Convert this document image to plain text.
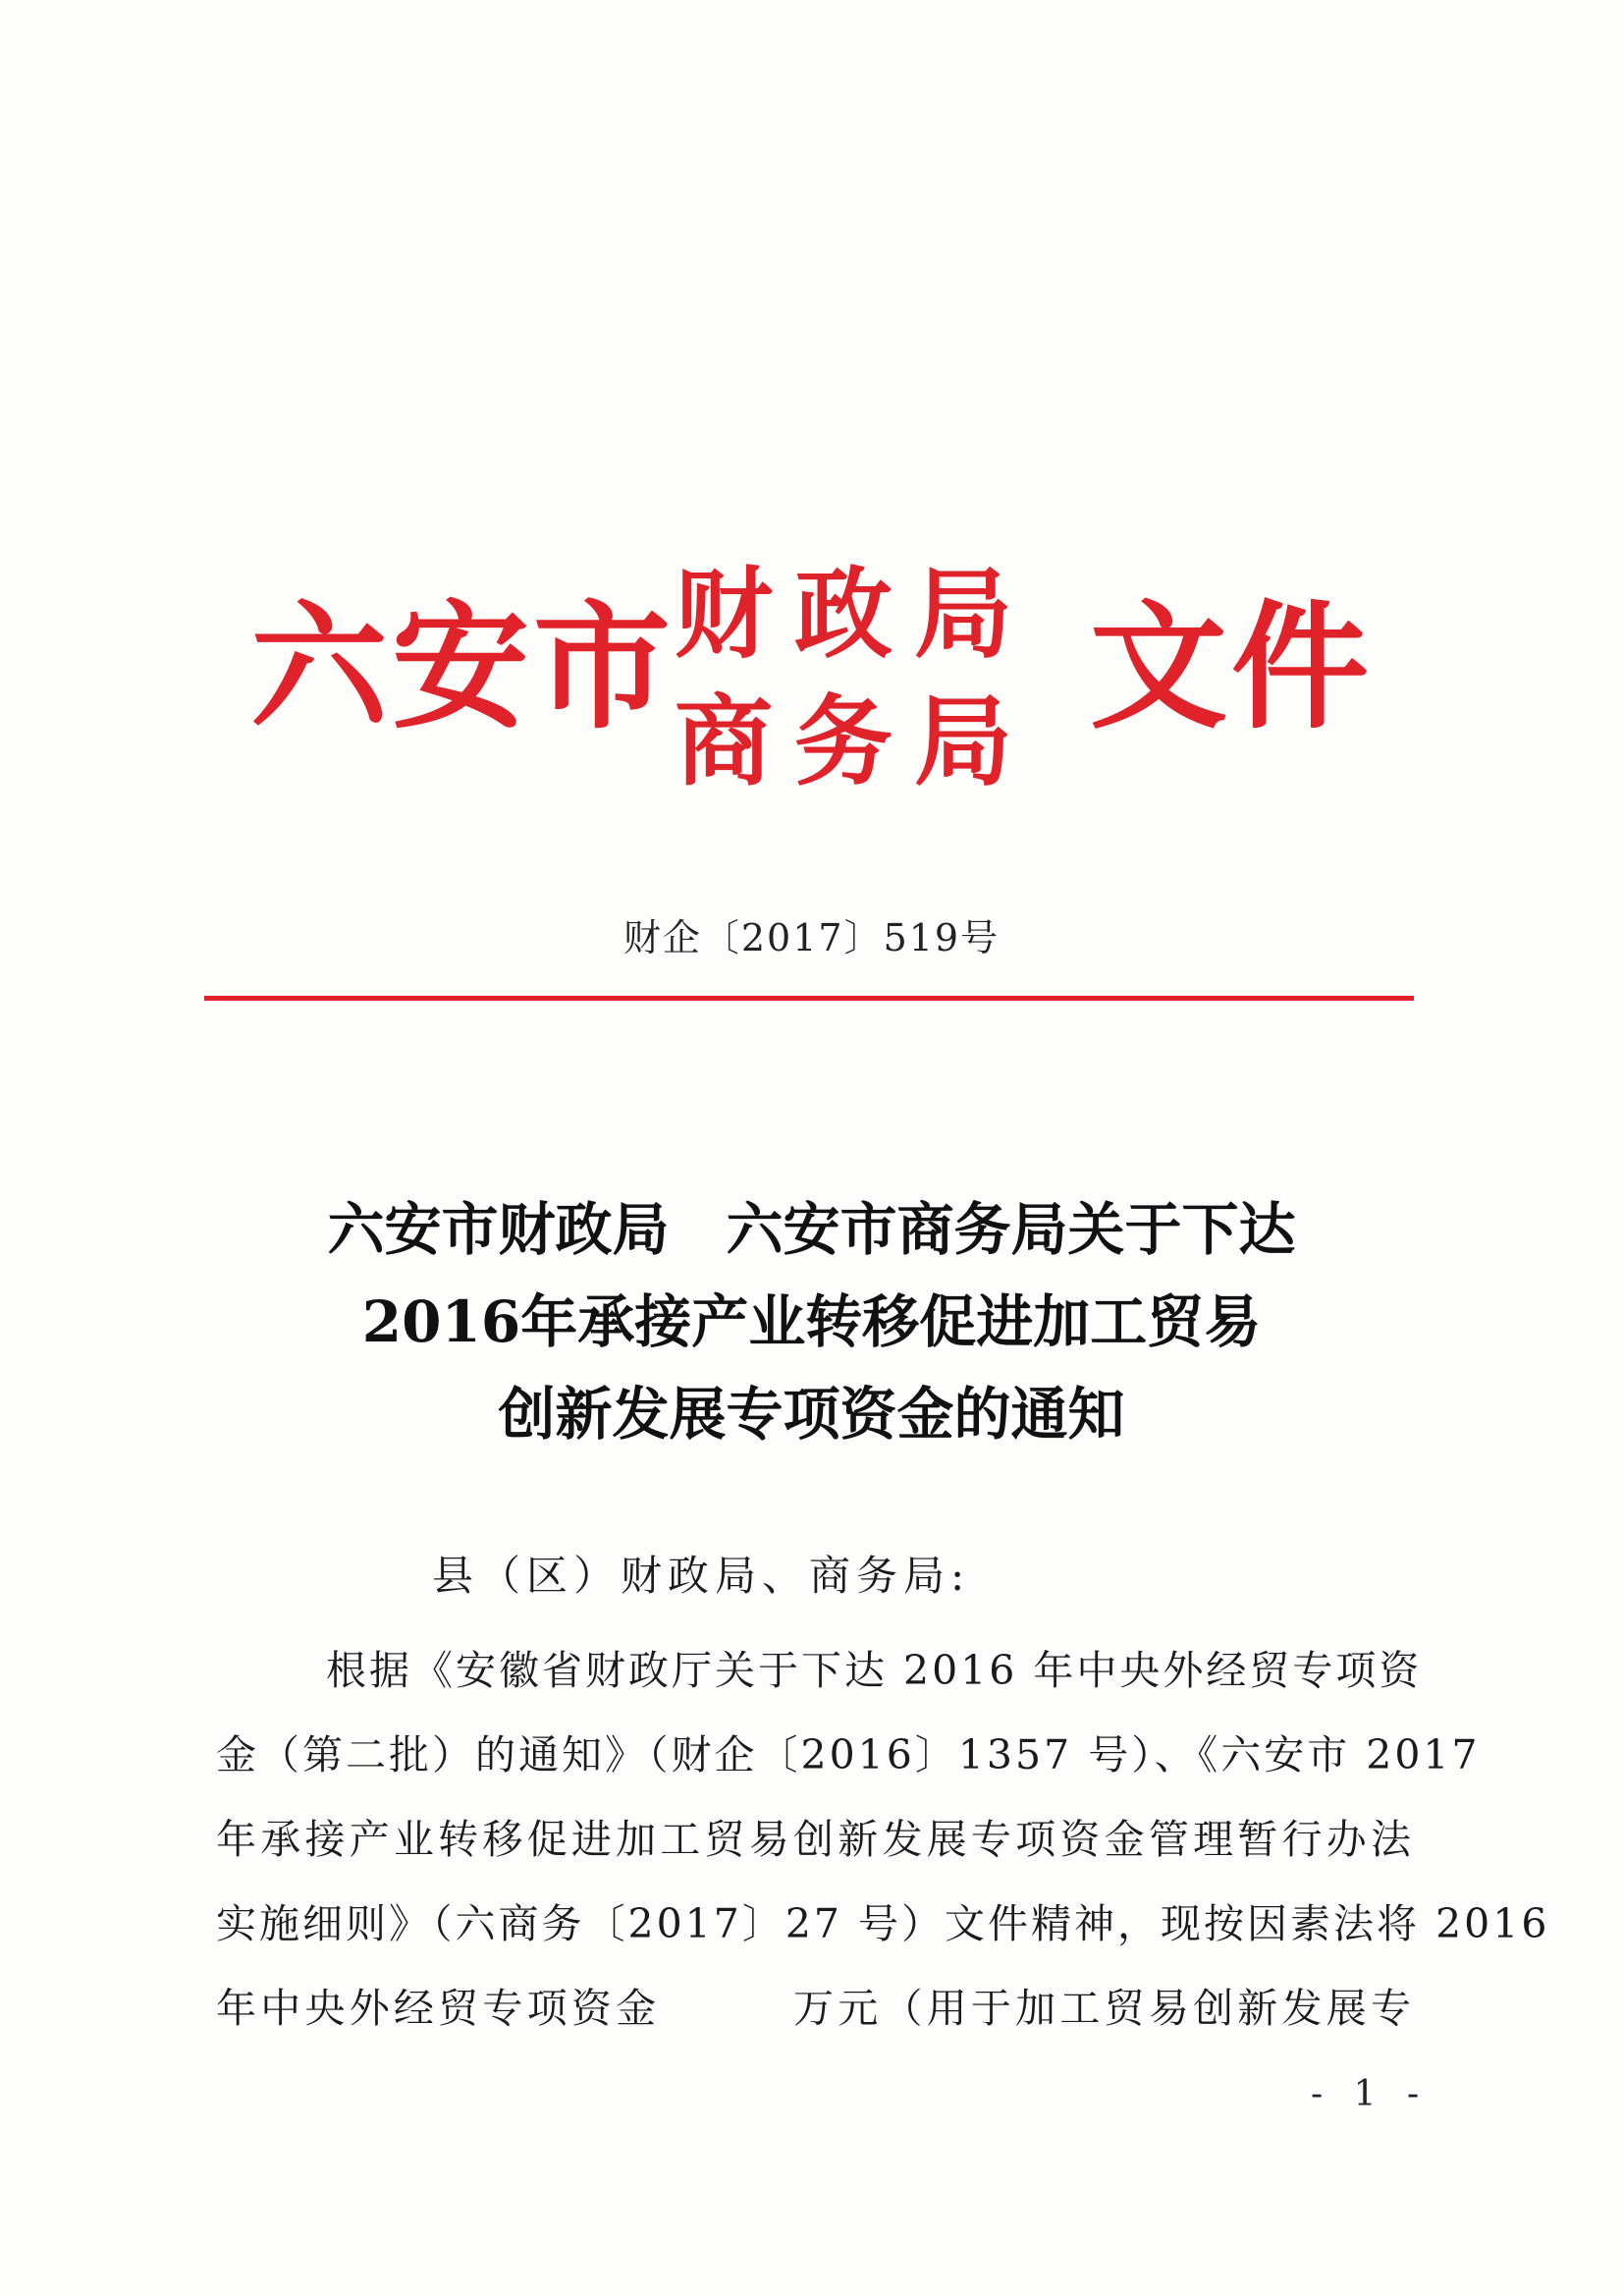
六安市 财政局
商务局 文件
财企〔2017〕519号
六安市财政局　六安市商务局关于下达
2016年承接产业转移促进加工贸易
创新发展专项资金的通知
县（区）财政局、商务局:
根据《安徽省财政厅关于下达 2016 年中央外经贸专项资
金（第二批）的通知》（财企〔2016〕1357 号）、《六安市 2017
年承接产业转移促进加工贸易创新发展专项资金管理暂行办法
实施细则》（六商务〔2017〕27 号）文件精神，现按因素法将 2016
年中央外经贸专项资金　　　万元（用于加工贸易创新发展专
- 1 -
